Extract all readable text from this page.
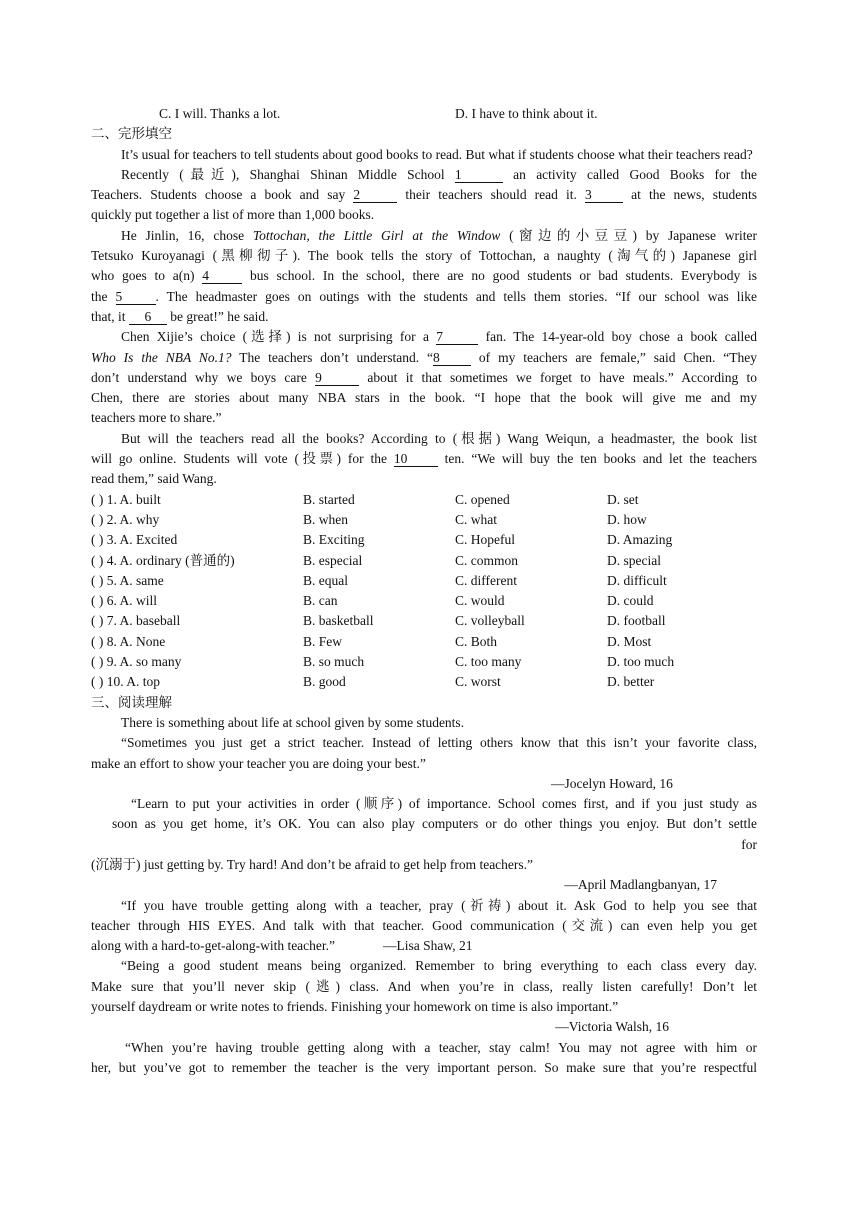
C. I will. Thanks a lot.	D. I have to think about it.
二、完形填空
It’s usual for teachers to tell students about good books to read. But what if students choose what their teachers read?
Recently (最近), Shanghai Shinan Middle School 1	an activity called Good Books for the
Teachers. Students choose a book and say 2	their teachers should read it. 3 at the news, students
quickly put together a list of more than 1,000 books.
He Jinlin, 16, chose Tottochan, the Little Girl at the Window (窗边的小豆豆) by Japanese writer
Tetsuko Kuroyanagi (黑柳彻子). The book tells the story of Tottochan, a naughty (淘气的) Japanese girl
who goes to a(n) 4 bus school. In the school, there are no good students or bad students. Everybody is
the 5 . The headmaster goes on outings with the students and tells them stories. “If our school was like
that, it 6 be great!” he said.
Chen Xijie’s choice (选择) is not surprising for a 7	fan. The 14-year-old boy chose a book called
Who Is the NBA No.1? The teachers don’t understand. “8 of my teachers are female,” said Chen. “They
don’t understand why we boys care 9	about it that sometimes we forget to have meals.” According to
Chen, there are stories about many NBA stars in the book. “I hope that the book will give me and my
teachers more to share.”
But will the teachers read all the books? According to (根据) Wang Weiqun, a headmaster, the book list
will go online. Students will vote (投票) for the 10 ten. “We will buy the ten books and let the teachers
read them,” said Wang.
( ) 1. A. built	B. started	C. opened	D. set
( ) 2. A. why	B. when	C. what	D. how
( ) 3. A. Excited	B. Exciting	C. Hopeful	D. Amazing
( ) 4. A. ordinary (普通的)	B. especial	C. common	D. special
( ) 5. A. same	B. equal	C. different	D. difficult
( ) 6. A. will	B. can	C. would	D. could
( ) 7. A. baseball	B. basketball	C. volleyball	D. football
( ) 8. A. None	B. Few	C. Both	D. Most
( ) 9. A. so many	B. so much	C. too many	D. too much
( ) 10. A. top	B. good	C. worst	D. better
三、阅读理解
There is something about life at school given by some students.
“Sometimes you just get a strict teacher. Instead of letting others know that this isn’t your favorite class,
make an effort to show your teacher you are doing your best.”
—Jocelyn Howard, 16
“Learn to put your activities in order (顺序) of importance. School comes first, and if you just study as
soon as you get home, it’s OK. You can also play computers or do other things you enjoy. But don’t settle
for
(沉溺于) just getting by. Try hard! And don’t be afraid to get help from teachers.”
—April Madlangbanyan, 17
“If you have trouble getting along with a teacher, pray (祈祷) about it. Ask God to help you see that
teacher through HIS EYES. And talk with that teacher. Good communication (交流) can even help you get
along with a hard-to-get-along-with teacher.”	—Lisa Shaw, 21
“Being a good student means being organized. Remember to bring everything to each class every day.
Make sure that you’ll never skip (逃) class. And when you’re in class, really listen carefully! Don’t let
yourself daydream or write notes to friends. Finishing your homework on time is also important.”
—Victoria Walsh, 16
“When you’re having trouble getting along with a teacher, stay calm! You may not agree with him or
her, but you’ve got to remember the teacher is the very important person. So make sure that you’re respectful
